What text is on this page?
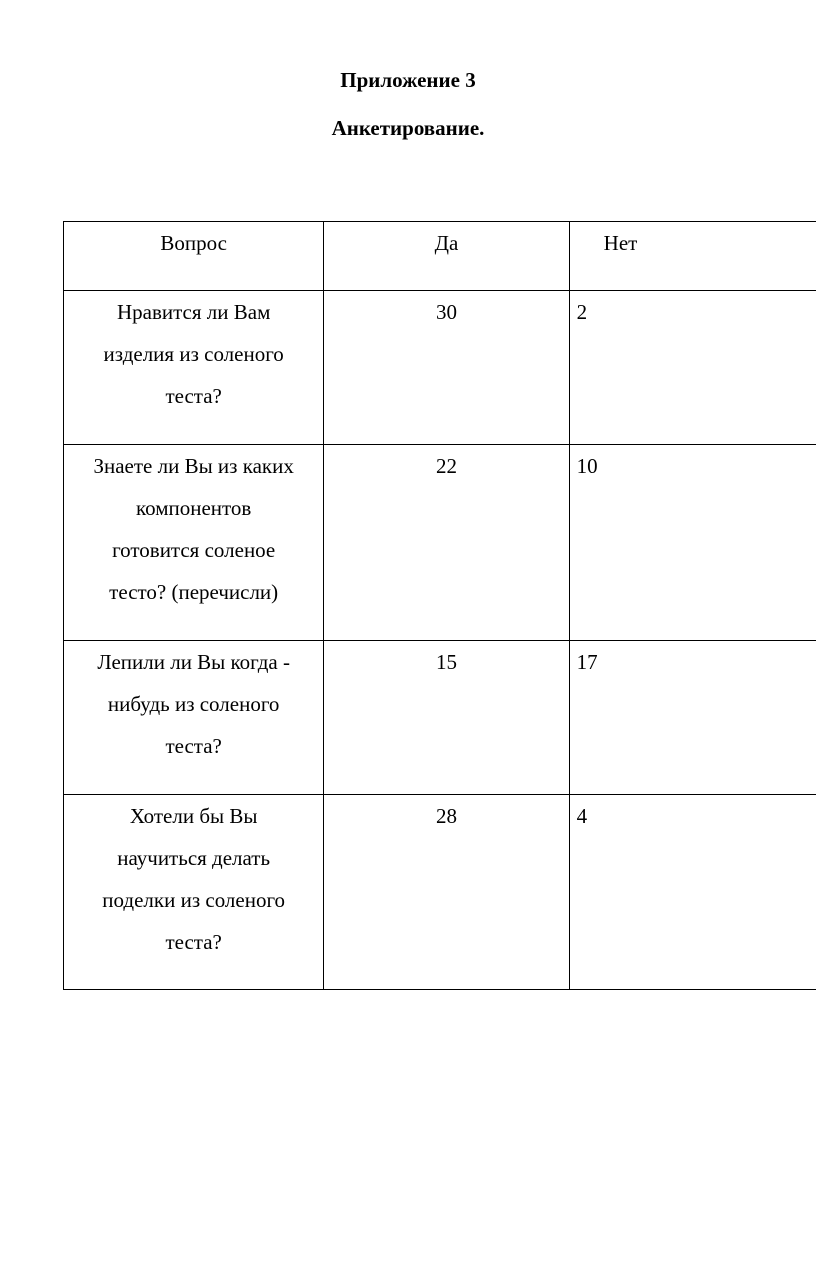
Приложение 3
Анкетирование.
Вопрос	Да	Нет

Нравится ли Вам
изделия из соленого
теста?	30	2

Знаете ли Вы из каких
компонентов
готовится соленое
тесто? (перечисли)	22	10

Лепили ли Вы когда -
нибудь из соленого
теста?	15	17

Хотели бы Вы
научиться делать
поделки из соленого
теста?	28	4
